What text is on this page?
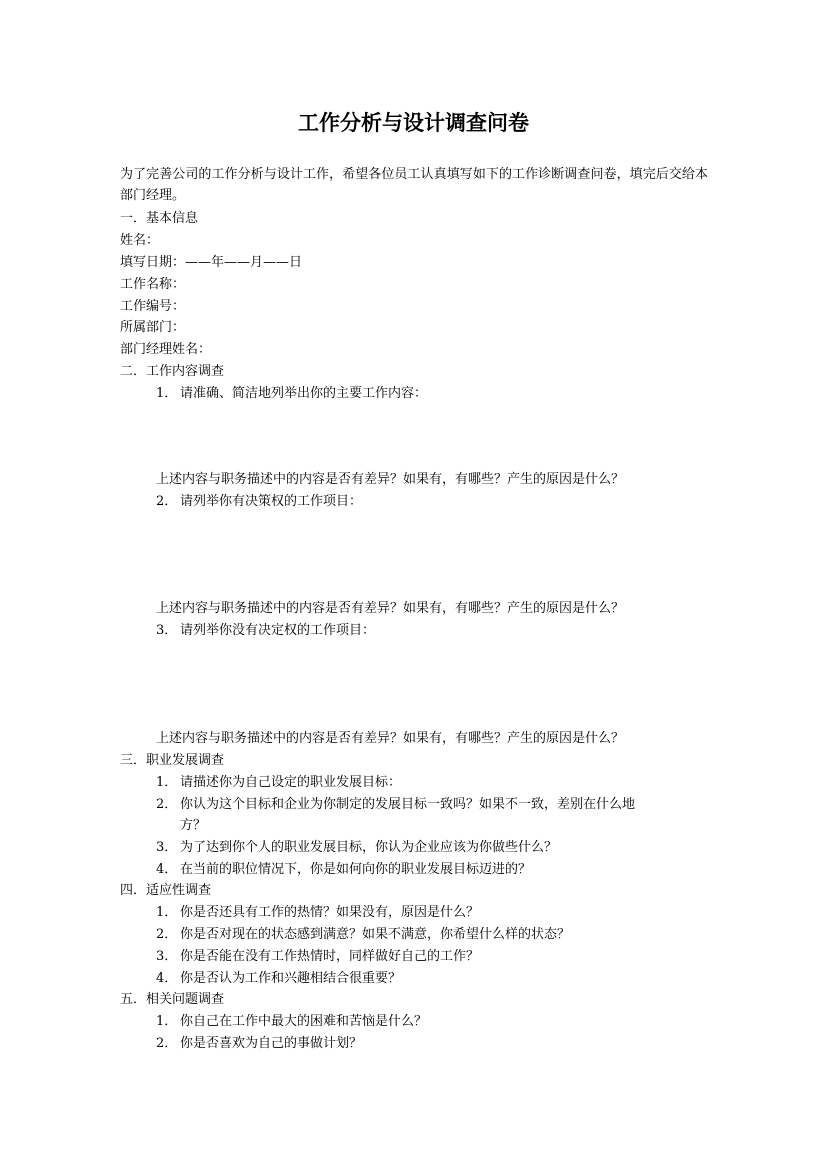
工作分析与设计调查问卷
为了完善公司的工作分析与设计工作，希望各位员工认真填写如下的工作诊断调查问卷，填完后交给本部门经理。
一．基本信息
姓名：
填写日期：——年——月——日
工作名称：
工作编号：
所属部门：
部门经理姓名：
二．工作内容调查
1． 请准确、简洁地列举出你的主要工作内容：
上述内容与职务描述中的内容是否有差异？如果有，有哪些？产生的原因是什么？
2． 请列举你有决策权的工作项目：
上述内容与职务描述中的内容是否有差异？如果有，有哪些？产生的原因是什么？
3． 请列举你没有决定权的工作项目：
上述内容与职务描述中的内容是否有差异？如果有，有哪些？产生的原因是什么？
三．职业发展调查
1． 请描述你为自己设定的职业发展目标：
2． 你认为这个目标和企业为你制定的发展目标一致吗？如果不一致，差别在什么地
方？
3． 为了达到你个人的职业发展目标，你认为企业应该为你做些什么？
4． 在当前的职位情况下，你是如何向你的职业发展目标迈进的？
四．适应性调查
1． 你是否还具有工作的热情？如果没有，原因是什么？
2． 你是否对现在的状态感到满意？如果不满意，你希望什么样的状态？
3． 你是否能在没有工作热情时，同样做好自己的工作？
4． 你是否认为工作和兴趣相结合很重要？
五．相关问题调查
1． 你自己在工作中最大的困难和苦恼是什么？
2． 你是否喜欢为自己的事做计划？
